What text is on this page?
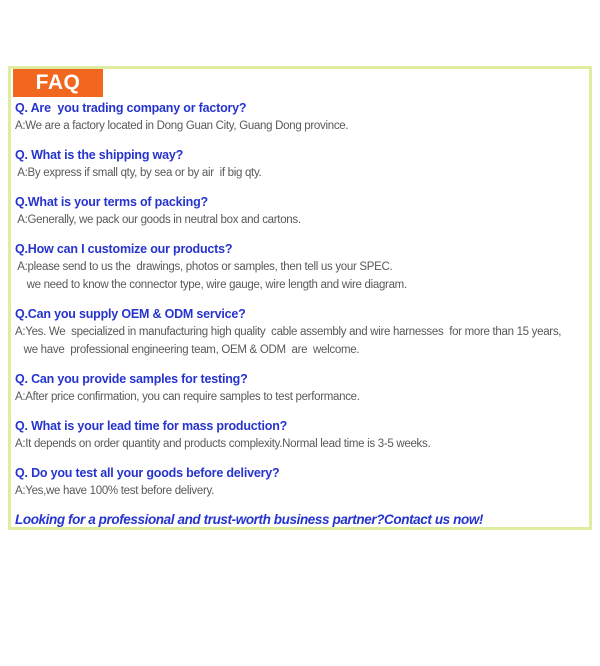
FAQ
Q. Are  you trading company or factory?
A:We are a factory located in Dong Guan City, Guang Dong province.
Q. What is the shipping way?
A:By express if small qty, by sea or by air  if big qty.
Q.What is your terms of packing?
A:Generally, we pack our goods in neutral box and cartons.
Q.How can I customize our products?
A:please send to us the  drawings, photos or samples, then tell us your SPEC.
we need to know the connector type, wire gauge, wire length and wire diagram.
Q.Can you supply OEM & ODM service?
A:Yes. We  specialized in manufacturing high quality  cable assembly and wire harnesses  for more than 15 years,
we have  professional engineering team, OEM & ODM  are  welcome.
Q. Can you provide samples for testing?
A:After price confirmation, you can require samples to test performance.
Q. What is your lead time for mass production?
A:It depends on order quantity and products complexity.Normal lead time is 3-5 weeks.
Q. Do you test all your goods before delivery?
A:Yes,we have 100% test before delivery.
Looking for a professional and trust-worth business partner?Contact us now!
